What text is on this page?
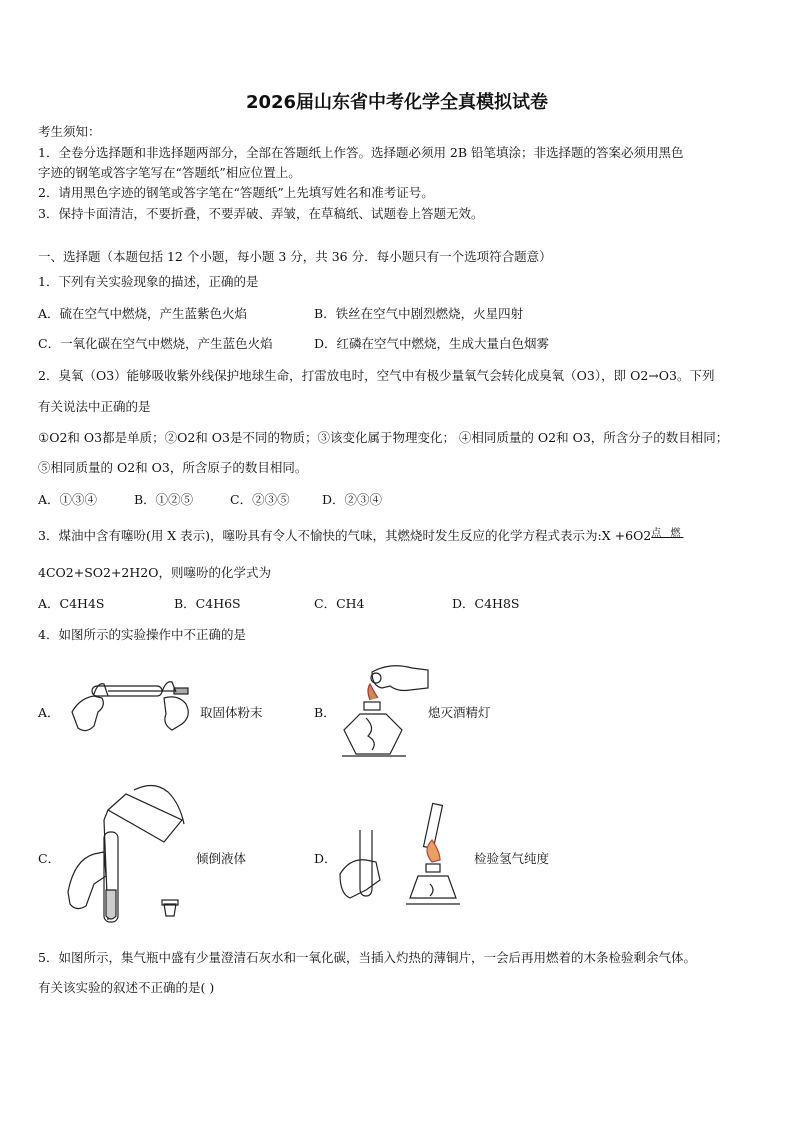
2026届山东省中考化学全真模拟试卷
考生须知：
1．全卷分选择题和非选择题两部分，全部在答题纸上作答。选择题必须用 2B 铅笔填涂；非选择题的答案必须用黑色
字迹的钢笔或答字笔写在“答题纸”相应位置上。
2．请用黑色字迹的钢笔或答字笔在“答题纸”上先填写姓名和准考证号。
3．保持卡面清洁，不要折叠，不要弄破、弄皱，在草稿纸、试题卷上答题无效。
一、选择题（本题包括 12 个小题，每小题 3 分，共 36 分．每小题只有一个选项符合题意）
1．下列有关实验现象的描述，正确的是
A．硫在空气中燃烧，产生蓝紫色火焰	B．铁丝在空气中剧烈燃烧，火星四射
C．一氧化碳在空气中燃烧，产生蓝色火焰	D．红磷在空气中燃烧，生成大量白色烟雾
2．臭氧（O3）能够吸收紫外线保护地球生命，打雷放电时，空气中有极少量氧气会转化成臭氧（O3），即 O2→O3。下列
有关说法中正确的是
①O2和 O3都是单质；②O2和 O3是不同的物质；③该变化属于物理变化； ④相同质量的 O2和 O3，所含分子的数目相同；
⑤相同质量的 O2和 O3，所含原子的数目相同。
A．①③④	B．①②⑤	C．②③⑤	D．②③④
3．煤油中含有噻吩(用 X 表示)，噻吩具有令人不愉快的气味，其燃烧时发生反应的化学方程式表示为:X $+6O2^{点 燃}$
4CO2+SO2+2H2O，则噻吩的化学式为
A．C4H4S	B．C4H6S	C．CH4	D．C4H8S
4．如图所示的实验操作中不正确的是
A．	取固体粉末	B．	熄灭酒精灯
C．	倾倒液体	D．	检验氢气纯度
5．如图所示，集气瓶中盛有少量澄清石灰水和一氧化碳，当插入灼热的薄铜片，一会后再用燃着的木条检验剩余气体。
有关该实验的叙述不正确的是( )
